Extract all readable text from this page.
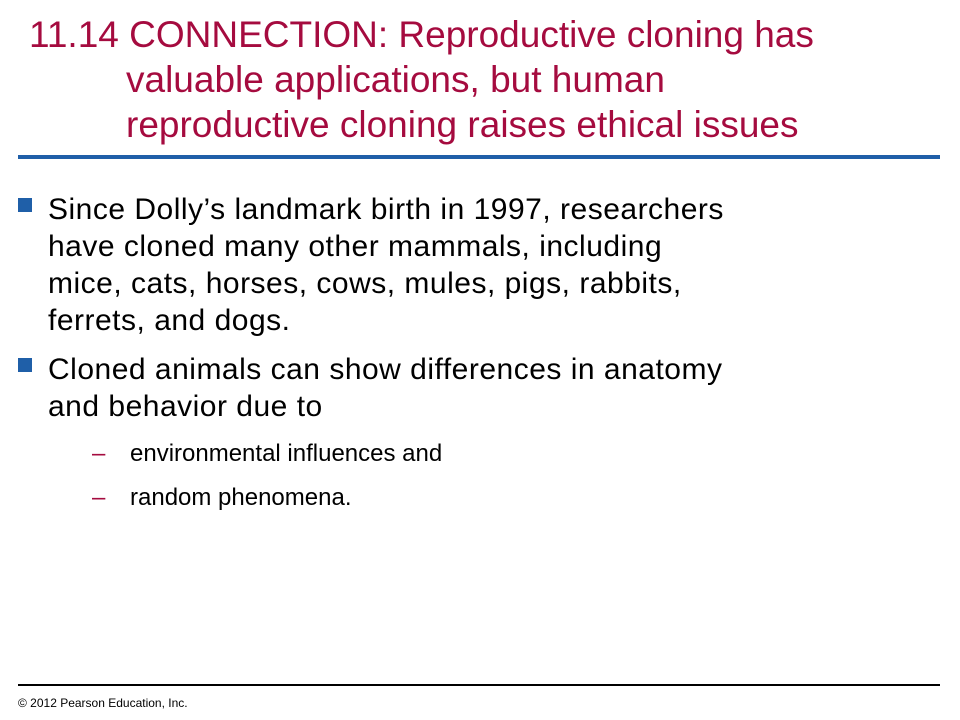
11.14 CONNECTION: Reproductive cloning has
valuable applications, but human
reproductive cloning raises ethical issues
Since Dolly’s landmark birth in 1997, researchers
have cloned many other mammals, including
mice, cats, horses, cows, mules, pigs, rabbits,
ferrets, and dogs.
Cloned animals can show differences in anatomy
and behavior due to
– environmental influences and
– random phenomena.
© 2012 Pearson Education, Inc.
